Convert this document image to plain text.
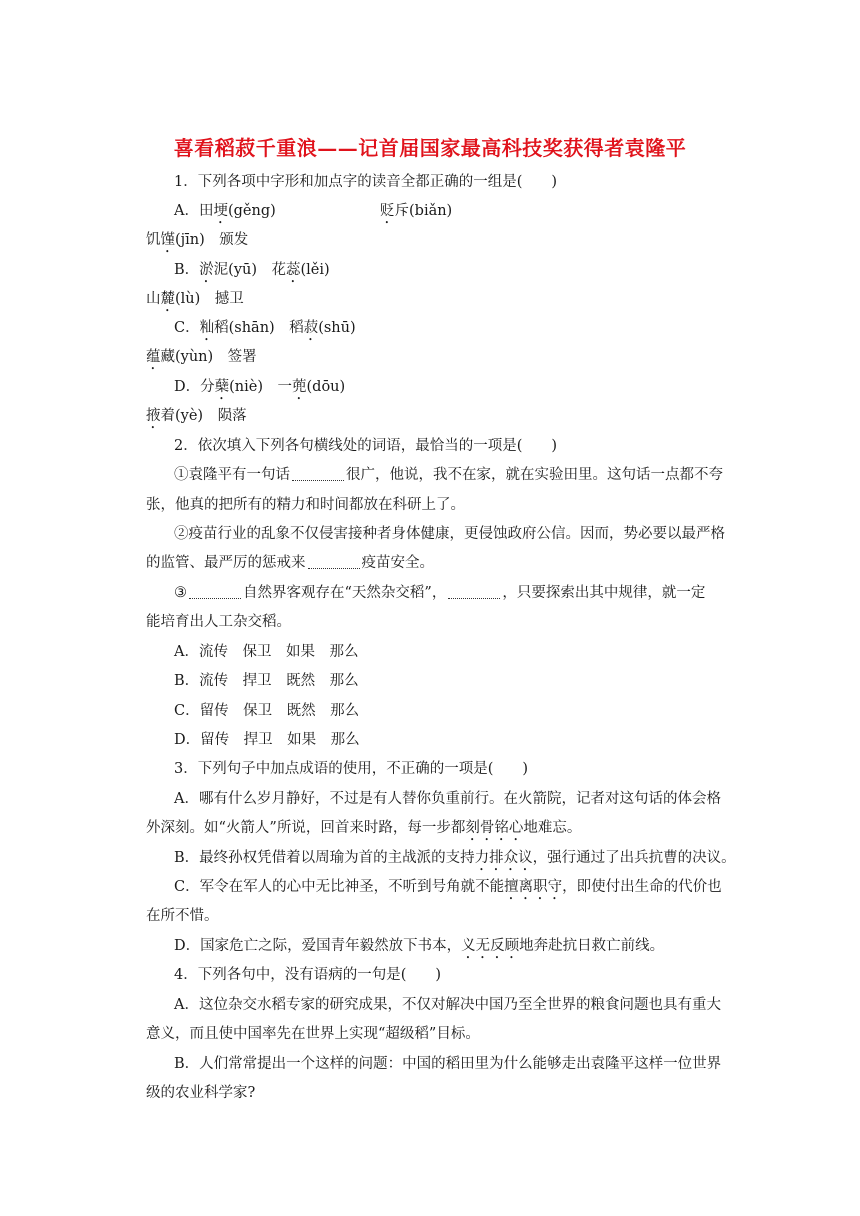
喜看稻菽千重浪——记首届国家最高科技奖获得者袁隆平
1．下列各项中字形和加点字的读音全都正确的一组是(　　)
A．田埂(gěng)	贬斥(biǎn)
饥馑(jīn)　颁发
B．淤泥(yū)　花蕊(lěi)
山麓(lù)　撼卫
C．籼稻(shān)　稻菽(shū)
蕴藏(yùn)　签署
D．分蘖(niè)　一蔸(dōu)
掖着(yè)　陨落
2．依次填入下列各句横线处的词语，最恰当的一项是(　　)
①袁隆平有一句话	很广，他说，我不在家，就在实验田里。这句话一点都不夸
张，他真的把所有的精力和时间都放在科研上了。
②疫苗行业的乱象不仅侵害接种者身体健康，更侵蚀政府公信。因而，势必要以最严格
的监管、最严厉的惩戒来	疫苗安全。
③	自然界客观存在“天然杂交稻”，	，只要探索出其中规律，就一定
能培育出人工杂交稻。
A．流传　保卫　如果　那么
B．流传　捍卫　既然　那么
C．留传　保卫　既然　那么
D．留传　捍卫　如果　那么
3．下列句子中加点成语的使用，不正确的一项是(　　)
A．哪有什么岁月静好，不过是有人替你负重前行。在火箭院，记者对这句话的体会格
外深刻。如“火箭人”所说，回首来时路，每一步都刻骨铭心地难忘。
B．最终孙权凭借着以周瑜为首的主战派的支持力排众议，强行通过了出兵抗曹的决议。
C．军令在军人的心中无比神圣，不听到号角就不能擅离职守，即使付出生命的代价也
在所不惜。
D．国家危亡之际，爱国青年毅然放下书本，义无反顾地奔赴抗日救亡前线。
4．下列各句中，没有语病的一句是(　　)
A．这位杂交水稻专家的研究成果，不仅对解决中国乃至全世界的粮食问题也具有重大
意义，而且使中国率先在世界上实现“超级稻”目标。
B．人们常常提出一个这样的问题：中国的稻田里为什么能够走出袁隆平这样一位世界
级的农业科学家?
